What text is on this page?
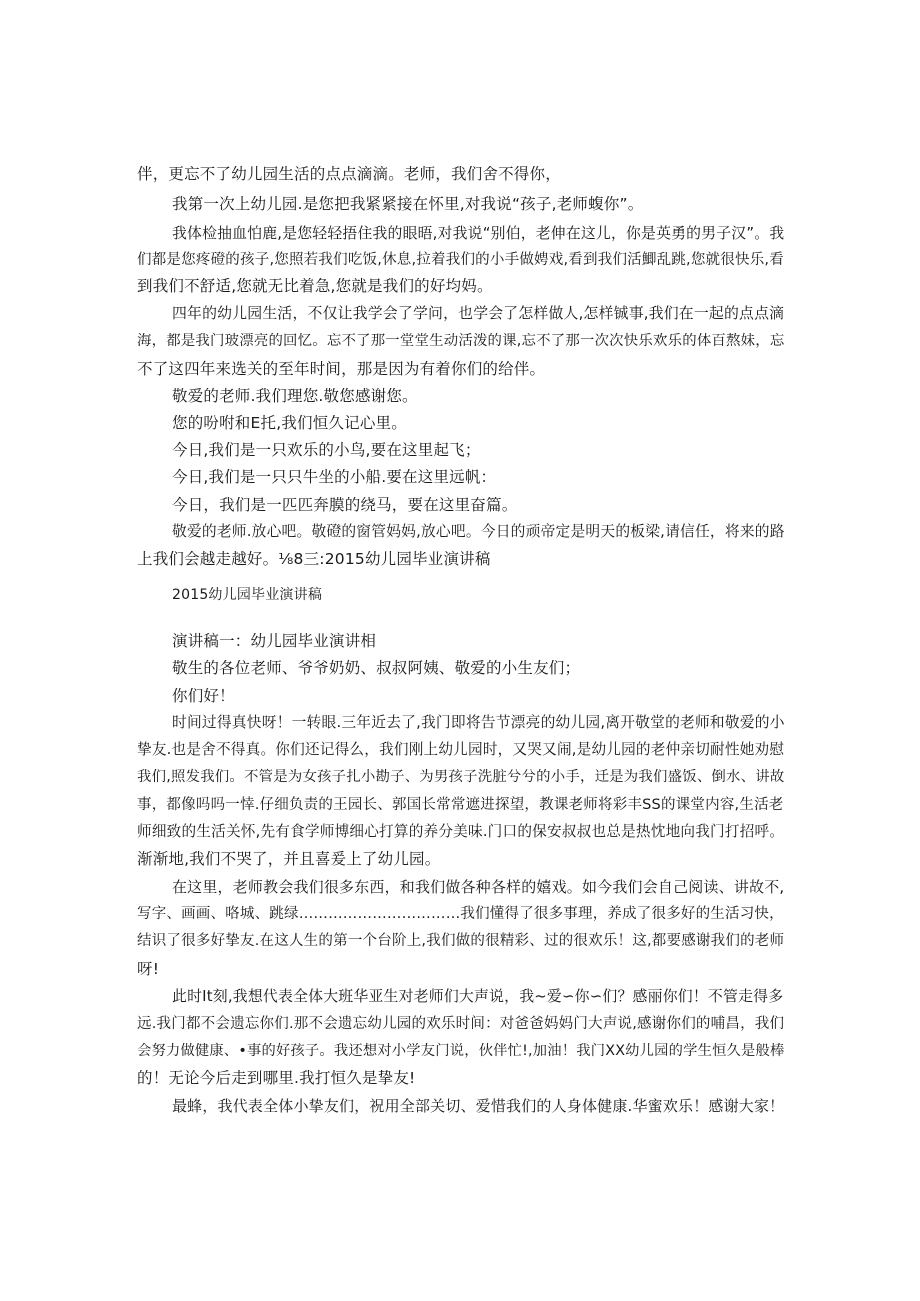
伴，更忘不了幼儿园生活的点点滴滴。老师，我们舍不得你，
我第一次上幼儿园.是您把我紧紧接在怀里,对我说“孩子,老师蝮你”。
我体检抽血怕鹿,是您轻轻捂住我的眼晤,对我说“别伯，老伸在这儿，你是英勇的男子汉”。我
们都是您疼磴的孩子,您照若我们吃饭,休息,拉着我们的小手做娉戏,看到我们活鯽乱跳,您就很快乐,看
到我们不舒适,您就无比着急,您就是我们的好均妈。
四年的幼儿园生活，不仅让我学会了学问，也学会了怎样做人,怎样铖事,我们在一起的点点滴
海，都是我门玻漂亮的回忆。忘不了那一堂堂生动活泼的课,忘不了那一次次快乐欢乐的体百熬妹，忘
不了这四年来选关的至年时间，那是因为有着你们的给伴。
敬爱的老师.我们理您.敬您感谢您。
您的吩咐和E托,我们恒久记心里。
今日,我们是一只欢乐的小鸟,要在这里起飞；
今日,我们是一只只牛坐的小船.要在这里远帆：
今日，我们是一匹匹奔膜的绕马，要在这里奋篇。
敬爱的老师.放心吧。敬磴的窗管妈妈,放心吧。今日的顽帝定是明天的板梁,请信任，将来的路
上我们会越走越好。⅛8三:2015幼儿园毕业演讲稿
2015幼儿园毕业演讲稿
演讲稿一：幼儿园毕业演讲相
敬生的各位老师、爷爷奶奶、叔叔阿姨、敬爱的小生友们；
你们好！
时间过得真快呀！一转眼.三年近去了,我门即将告节漂亮的幼儿园,离开敬堂的老师和敬爱的小
挚友.也是舍不得真。你们还记得么，我们刚上幼儿园时，又哭又闹,是幼儿园的老仲亲切耐性她劝慰
我们,照发我们。不管是为女孩子扎小勘子、为男孩子洗脏兮兮的小手，迁是为我们盛饭、倒水、讲故
事，都像吗吗一悻.仔细负责的王园长、郭国长常常遮进探望，教课老师将彩丰SS的课堂内容,生活老
师细致的生活关怀,先有食学师博细心打算的养分美味.门口的保安叔叔也总是热忱地向我门打招呼。
渐渐地,我们不哭了，并且喜爰上了幼儿园。
在这里，老师教会我们很多东西，和我们做各种各样的嬉戏。如今我们会自己阅读、讲故不,
写字、画画、咯城、跳绿……………………………我们懂得了很多事理，养成了很多好的生活习快，
结识了很多好挚友.在这人生的第一个台阶上,我们做的很精彩、过的很欢乐！这,都要感谢我们的老师
呀!
此时It刻,我想代表全体大班华亚生对老师们大声说，我~爱∽你∽们？感丽你们！不管走得多
远.我门都不会遗忘你们.那不会遗忘幼儿园的欢乐时间：对爸爸妈妈门大声说,感谢你们的哺昌，我们
会努力做健康、•事的好孩子。我还想对小学友门说，伙伴忙!,加油！我门XX幼儿园的学生恒久是般棒
的！无论今后走到哪里.我打恒久是挚友!
最蜂，我代表全体小挚友们，祝用全部关切、爱惜我们的人身体健康.华蜜欢乐！感谢大家！
